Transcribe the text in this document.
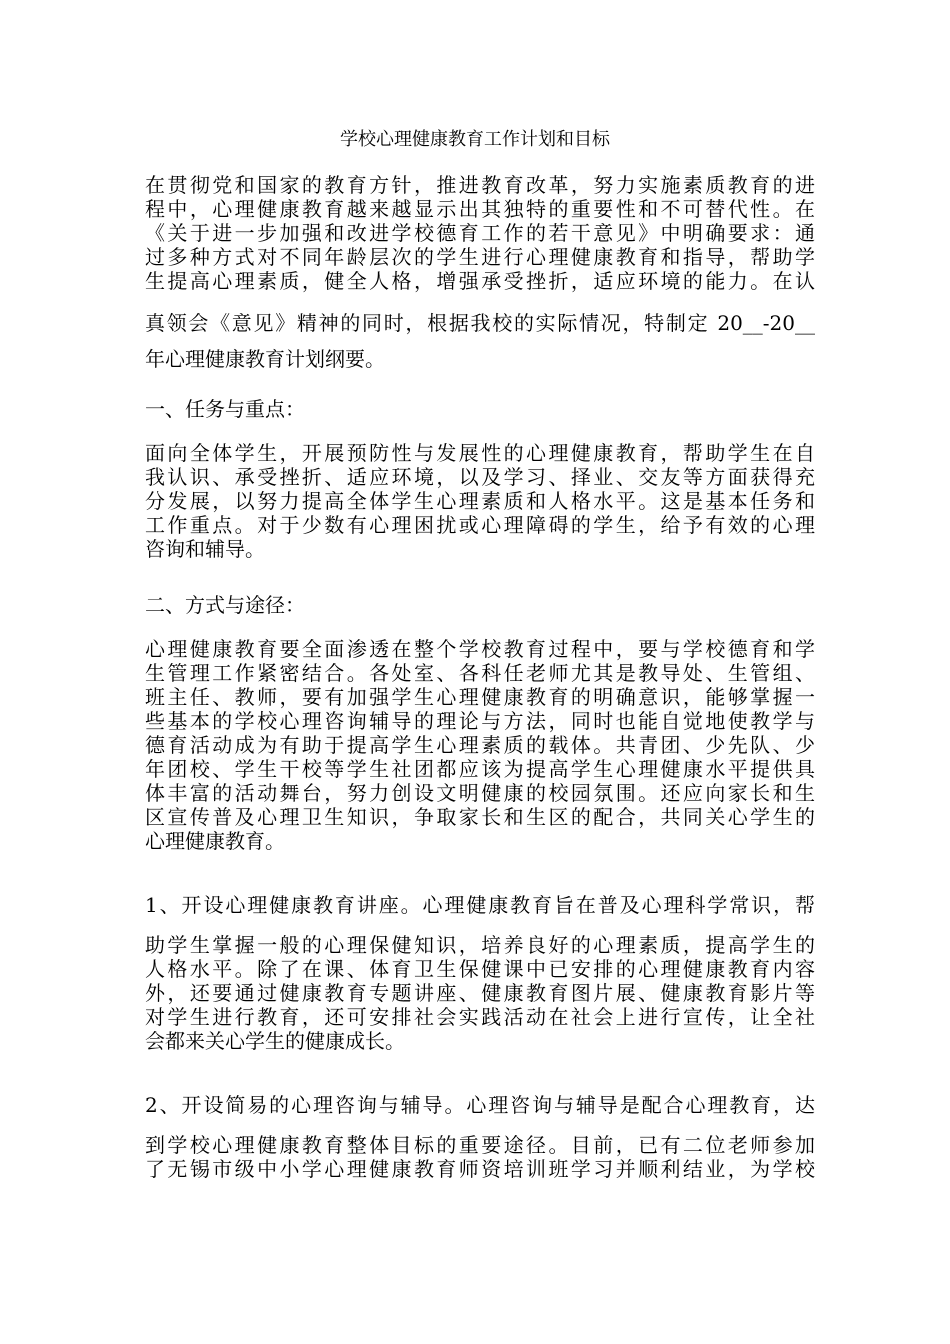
学校心理健康教育工作计划和目标
在贯彻党和国家的教育方针，推进教育改革，努力实施素质教育的进
程中，心理健康教育越来越显示出其独特的重要性和不可替代性。在
《关于进一步加强和改进学校德育工作的若干意见》中明确要求：通
过多种方式对不同年龄层次的学生进行心理健康教育和指导，帮助学
生提高心理素质，健全人格，增强承受挫折，适应环境的能力。在认
真领会《意见》精神的同时，根据我校的实际情况，特制定 20__-20__
年心理健康教育计划纲要。
一、任务与重点：
面向全体学生，开展预防性与发展性的心理健康教育，帮助学生在自
我认识、承受挫折、适应环境，以及学习、择业、交友等方面获得充
分发展，以努力提高全体学生心理素质和人格水平。这是基本任务和
工作重点。对于少数有心理困扰或心理障碍的学生，给予有效的心理
咨询和辅导。
二、方式与途径：
心理健康教育要全面渗透在整个学校教育过程中，要与学校德育和学
生管理工作紧密结合。各处室、各科任老师尤其是教导处、生管组、
班主任、教师，要有加强学生心理健康教育的明确意识，能够掌握一
些基本的学校心理咨询辅导的理论与方法，同时也能自觉地使教学与
德育活动成为有助于提高学生心理素质的载体。共青团、少先队、少
年团校、学生干校等学生社团都应该为提高学生心理健康水平提供具
体丰富的活动舞台，努力创设文明健康的校园氛围。还应向家长和生
区宣传普及心理卫生知识，争取家长和生区的配合，共同关心学生的
心理健康教育。
1、开设心理健康教育讲座。心理健康教育旨在普及心理科学常识，帮
助学生掌握一般的心理保健知识，培养良好的心理素质，提高学生的
人格水平。除了在课、体育卫生保健课中已安排的心理健康教育内容
外，还要通过健康教育专题讲座、健康教育图片展、健康教育影片等
对学生进行教育，还可安排社会实践活动在社会上进行宣传，让全社
会都来关心学生的健康成长。
2、开设简易的心理咨询与辅导。心理咨询与辅导是配合心理教育，达
到学校心理健康教育整体目标的重要途径。目前，已有二位老师参加
了无锡市级中小学心理健康教育师资培训班学习并顺利结业，为学校
